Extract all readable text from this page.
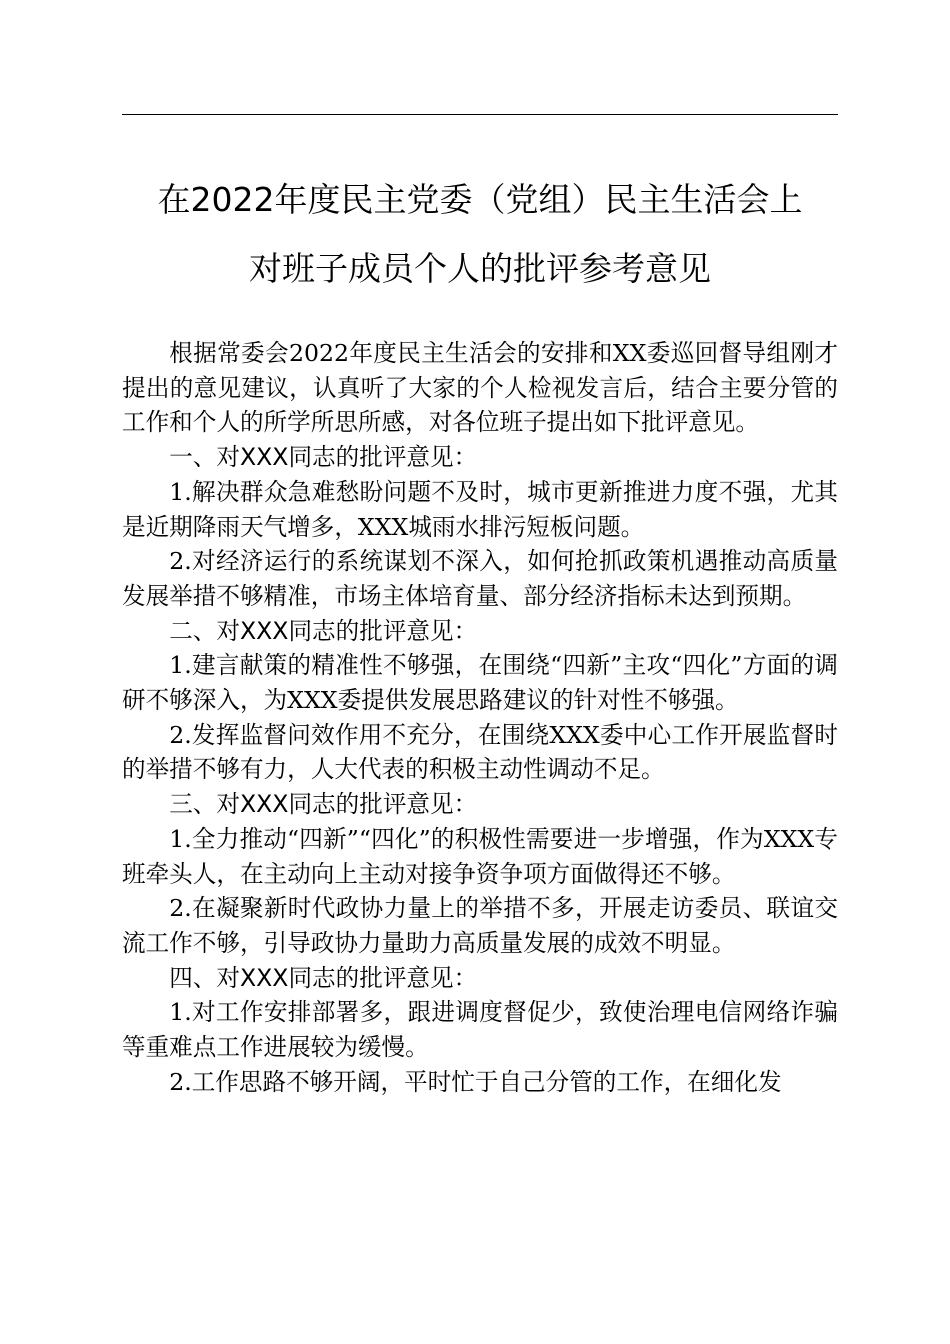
在2022年度民主党委（党组）民主生活会上
对班子成员个人的批评参考意见

根据常委会2022年度民主生活会的安排和XX委巡回督导组刚才提出的意见建议，认真听了大家的个人检视发言后，结合主要分管的工作和个人的所学所思所感，对各位班子提出如下批评意见。

一、对XXX同志的批评意见：

1.解决群众急难愁盼问题不及时，城市更新推进力度不强，尤其是近期降雨天气增多，XXX城雨水排污短板问题。

2.对经济运行的系统谋划不深入，如何抢抓政策机遇推动高质量发展举措不够精准，市场主体培育量、部分经济指标未达到预期。

二、对XXX同志的批评意见：

1.建言献策的精准性不够强，在围绕“四新”主攻“四化”方面的调研不够深入，为XXX委提供发展思路建议的针对性不够强。

2.发挥监督问效作用不充分，在围绕XXX委中心工作开展监督时的举措不够有力，人大代表的积极主动性调动不足。

三、对XXX同志的批评意见：

1.全力推动“四新”“四化”的积极性需要进一步增强，作为XXX专班牵头人，在主动向上主动对接争资争项方面做得还不够。

2.在凝聚新时代政协力量上的举措不多，开展走访委员、联谊交流工作不够，引导政协力量助力高质量发展的成效不明显。

四、对XXX同志的批评意见：

1.对工作安排部署多，跟进调度督促少，致使治理电信网络诈骗等重难点工作进展较为缓慢。

2.工作思路不够开阔，平时忙于自己分管的工作，在细化发
